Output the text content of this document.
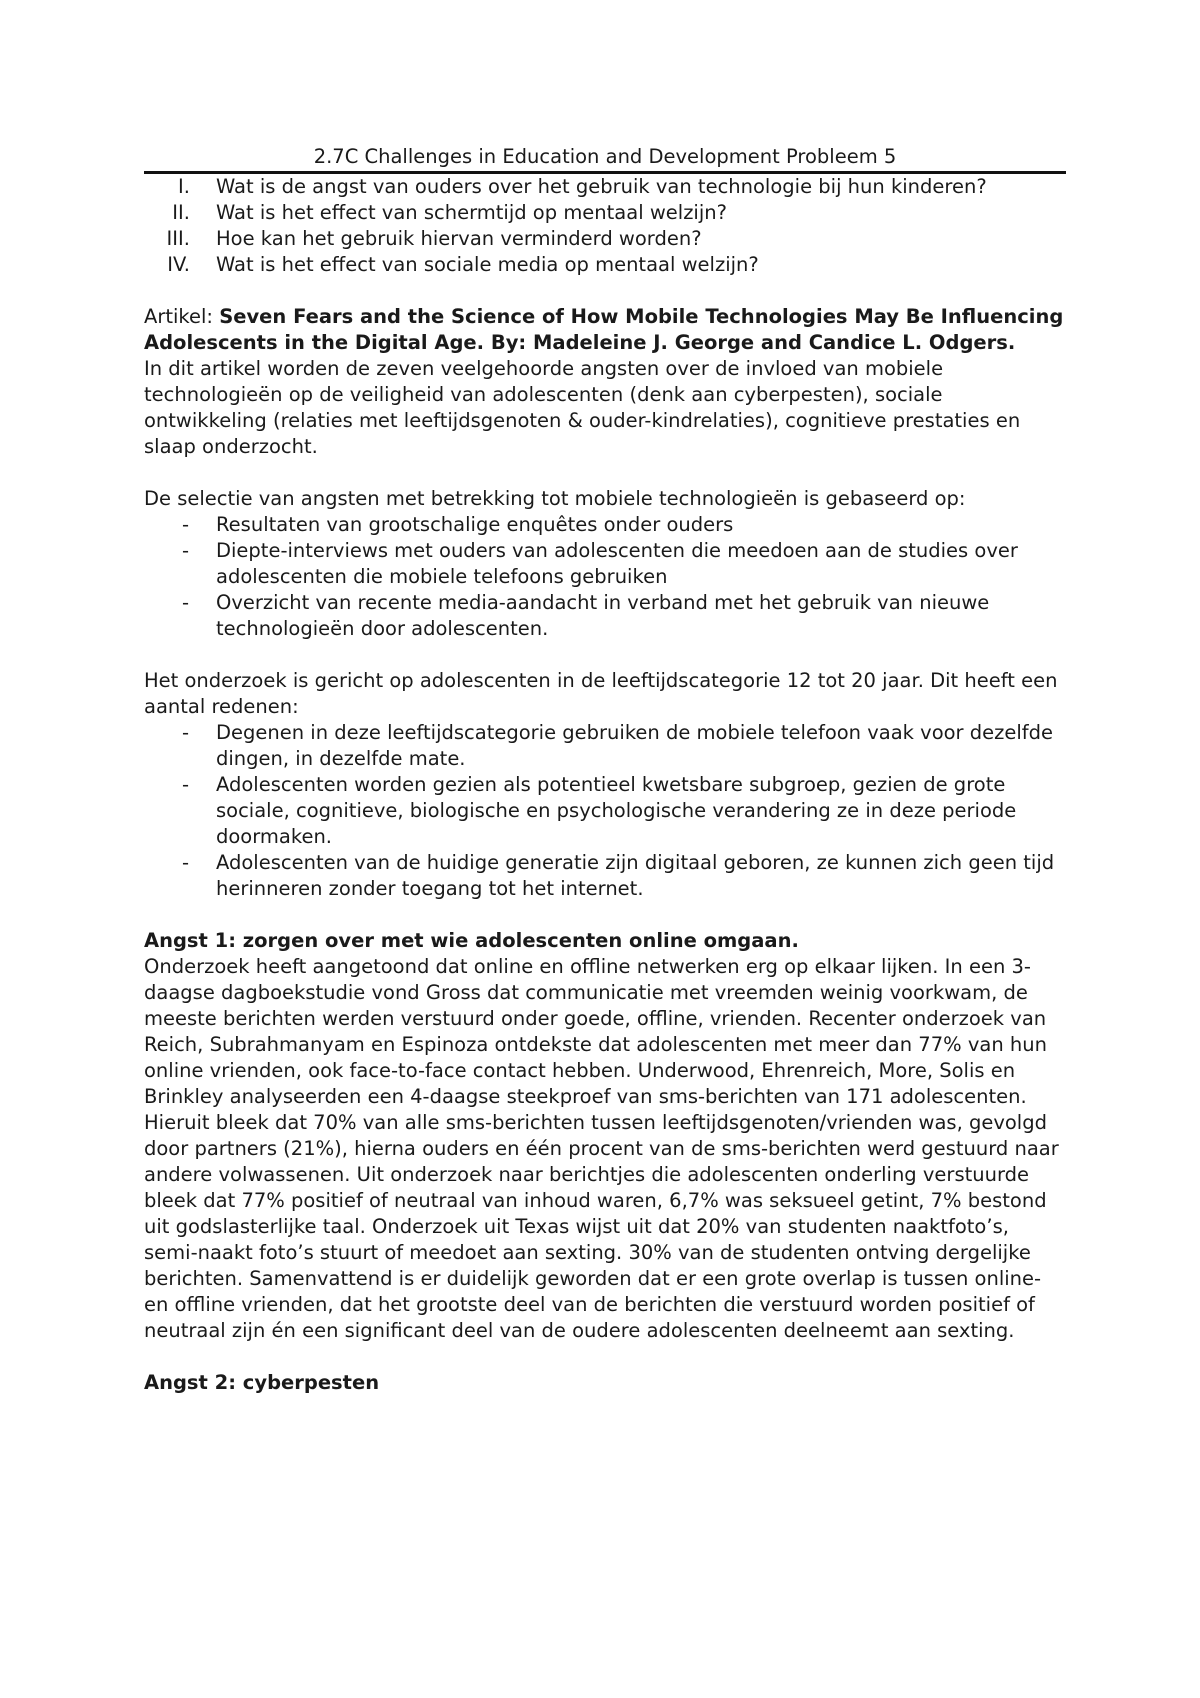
2.7C Challenges in Education and Development Probleem 5
I.	Wat is de angst van ouders over het gebruik van technologie bij hun kinderen?
II.	Wat is het effect van schermtijd op mentaal welzijn?
III.	Hoe kan het gebruik hiervan verminderd worden?
IV.	Wat is het effect van sociale media op mentaal welzijn?

Artikel: Seven Fears and the Science of How Mobile Technologies May Be Influencing Adolescents in the Digital Age. By: Madeleine J. George and Candice L. Odgers.

In dit artikel worden de zeven veelgehoorde angsten over de invloed van mobiele technologieën op de veiligheid van adolescenten (denk aan cyberpesten), sociale ontwikkeling (relaties met leeftijdsgenoten & ouder-kindrelaties), cognitieve prestaties en slaap onderzocht.

De selectie van angsten met betrekking tot mobiele technologieën is gebaseerd op:

-	Resultaten van grootschalige enquêtes onder ouders
-	Diepte-interviews met ouders van adolescenten die meedoen aan de studies over adolescenten die mobiele telefoons gebruiken
-	Overzicht van recente media-aandacht in verband met het gebruik van nieuwe technologieën door adolescenten.

Het onderzoek is gericht op adolescenten in de leeftijdscategorie 12 tot 20 jaar. Dit heeft een aantal redenen:

-	Degenen in deze leeftijdscategorie gebruiken de mobiele telefoon vaak voor dezelfde dingen, in dezelfde mate.
-	Adolescenten worden gezien als potentieel kwetsbare subgroep, gezien de grote sociale, cognitieve, biologische en psychologische verandering ze in deze periode doormaken.
-	Adolescenten van de huidige generatie zijn digitaal geboren, ze kunnen zich geen tijd herinneren zonder toegang tot het internet.

Angst 1: zorgen over met wie adolescenten online omgaan.

Onderzoek heeft aangetoond dat online en offline netwerken erg op elkaar lijken. In een 3-daagse dagboekstudie vond Gross dat communicatie met vreemden weinig voorkwam, de meeste berichten werden verstuurd onder goede, offline, vrienden. Recenter onderzoek van Reich, Subrahmanyam en Espinoza ontdekste dat adolescenten met meer dan 77% van hun online vrienden, ook face-to-face contact hebben. Underwood, Ehrenreich, More, Solis en Brinkley analyseerden een 4-daagse steekproef van sms-berichten van 171 adolescenten. Hieruit bleek dat 70% van alle sms-berichten tussen leeftijdsgenoten/vrienden was, gevolgd door partners (21%), hierna ouders en één procent van de sms-berichten werd gestuurd naar andere volwassenen. Uit onderzoek naar berichtjes die adolescenten onderling verstuurde bleek dat 77% positief of neutraal van inhoud waren, 6,7% was seksueel getint, 7% bestond uit godslasterlijke taal. Onderzoek uit Texas wijst uit dat 20% van studenten naaktfoto’s, semi-naakt foto’s stuurt of meedoet aan sexting. 30% van de studenten ontving dergelijke berichten. Samenvattend is er duidelijk geworden dat er een grote overlap is tussen online- en offline vrienden, dat het grootste deel van de berichten die verstuurd worden positief of neutraal zijn én een significant deel van de oudere adolescenten deelneemt aan sexting.

Angst 2: cyberpesten
